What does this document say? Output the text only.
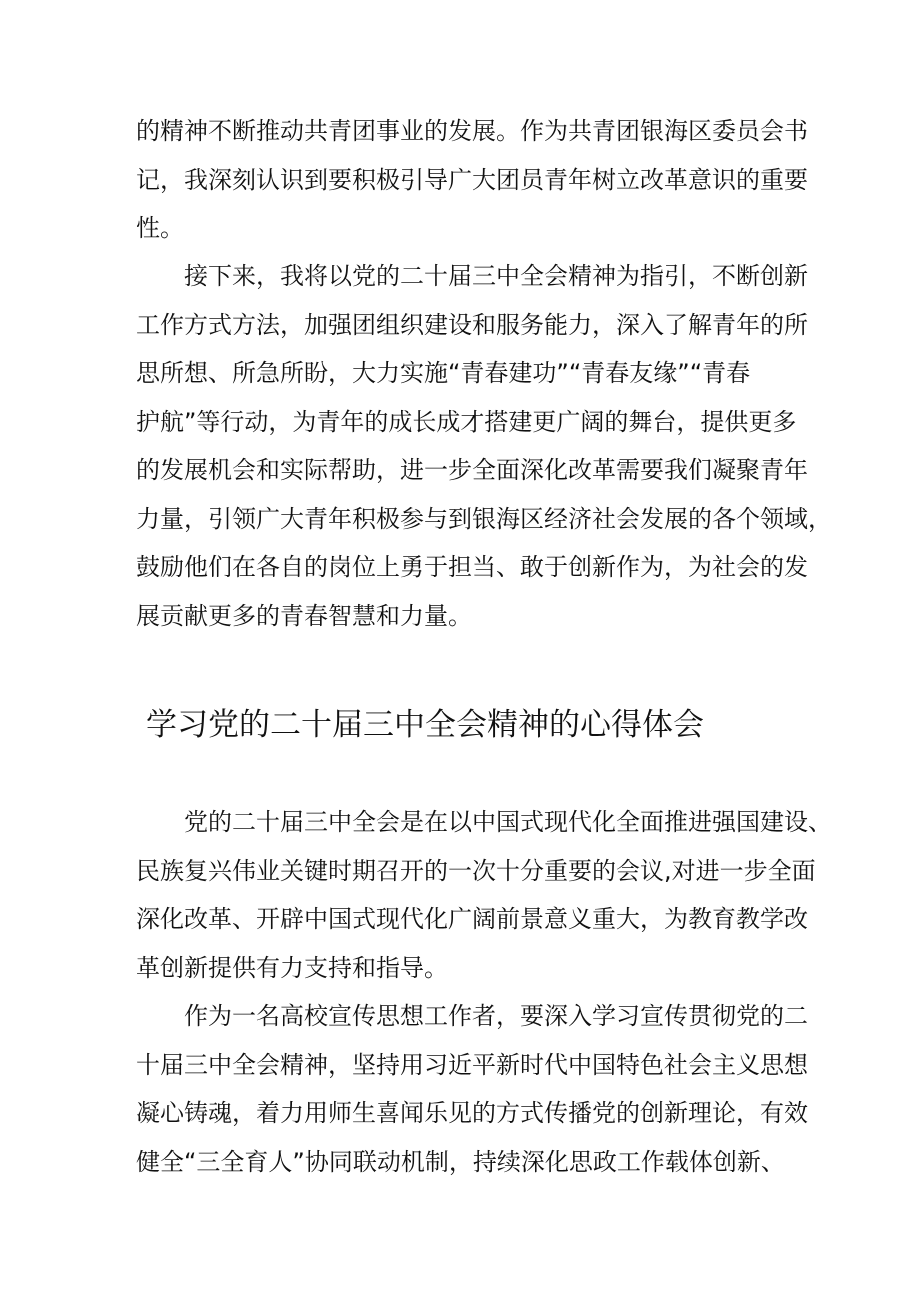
的精神不断推动共青团事业的发展。作为共青团银海区委员会书
记，我深刻认识到要积极引导广大团员青年树立改革意识的重要
性。
接下来，我将以党的二十届三中全会精神为指引，不断创新
工作方式方法，加强团组织建设和服务能力，深入了解青年的所
思所想、所急所盼，大力实施“青春建功”“青春友缘”“青春
护航”等行动，为青年的成长成才搭建更广阔的舞台，提供更多
的发展机会和实际帮助，进一步全面深化改革需要我们凝聚青年
力量，引领广大青年积极参与到银海区经济社会发展的各个领域，
鼓励他们在各自的岗位上勇于担当、敢于创新作为，为社会的发
展贡献更多的青春智慧和力量。
学习党的二十届三中全会精神的心得体会
党的二十届三中全会是在以中国式现代化全面推进强国建设、
民族复兴伟业关键时期召开的一次十分重要的会议,对进一步全面
深化改革、开辟中国式现代化广阔前景意义重大，为教育教学改
革创新提供有力支持和指导。
作为一名高校宣传思想工作者，要深入学习宣传贯彻党的二
十届三中全会精神，坚持用习近平新时代中国特色社会主义思想
凝心铸魂，着力用师生喜闻乐见的方式传播党的创新理论，有效
健全“三全育人”协同联动机制，持续深化思政工作载体创新、
